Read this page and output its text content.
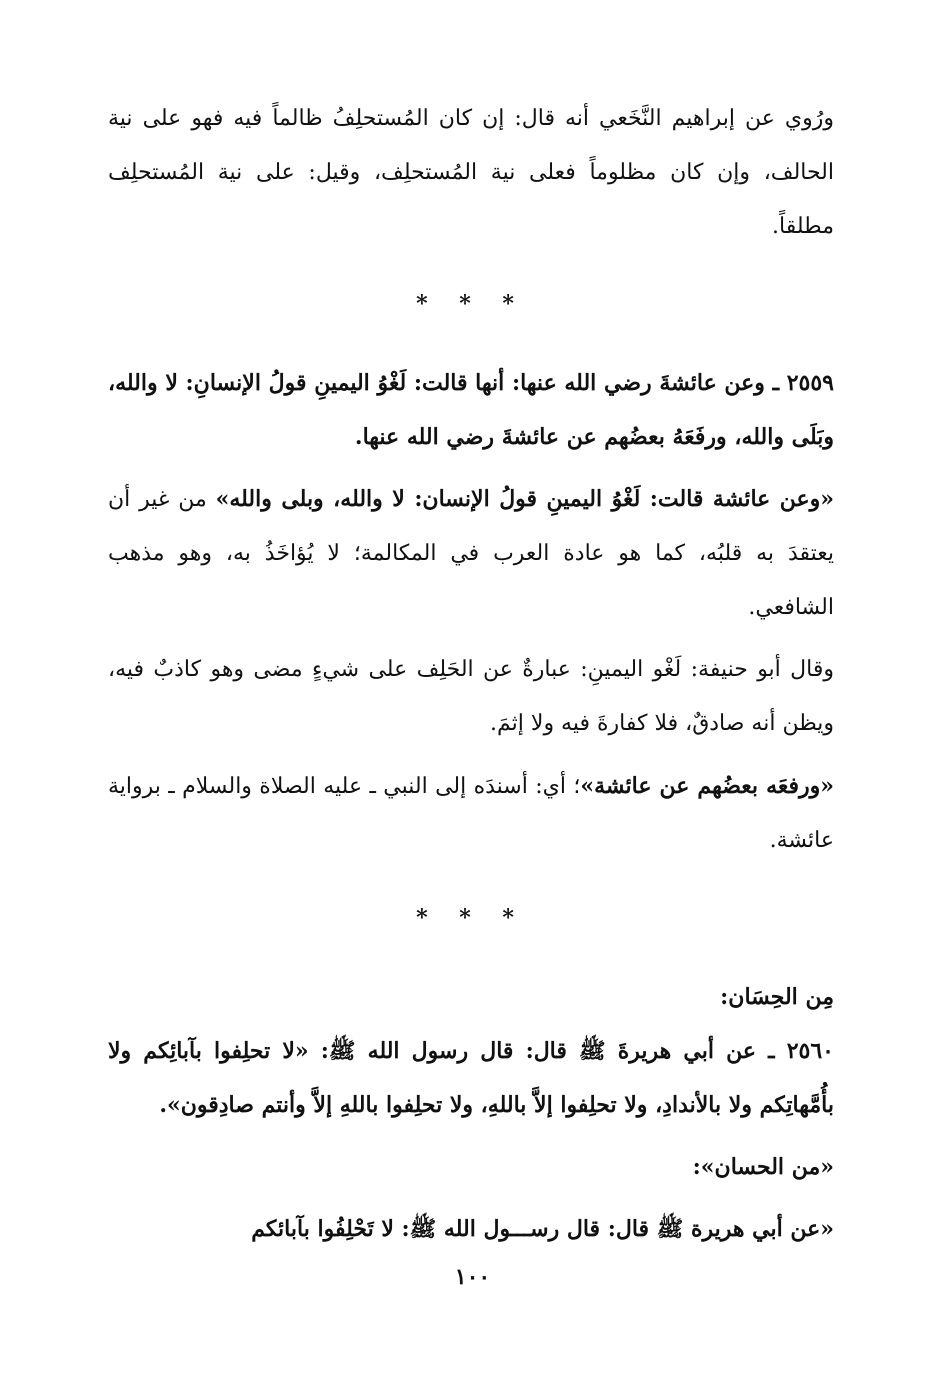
ورُوي عن إبراهيم النَّخَعي أنه قال: إن كان المُستحلِفُ ظالماً فيه فهو على نية الحالف، وإن كان مظلوماً فعلى نية المُستحلِف، وقيل: على نية المُستحلِف مطلقاً.

* * *

٢٥٥٩ ـ وعن عائشةَ رضي الله عنها: أنها قالت: لَغْوُ اليمينِ قولُ الإنسانِ: لا والله، وبَلَى والله، ورفَعَهُ بعضُهم عن عائشةَ رضي الله عنها.

«وعن عائشة قالت: لَغْوُ اليمينِ قولُ الإنسان: لا والله، وبلى والله» من غير أن يعتقدَ به قلبُه، كما هو عادة العرب في المكالمة؛ لا يُؤاخَذُ به، وهو مذهب الشافعي.

وقال أبو حنيفة: لَغْو اليمينِ: عبارةٌ عن الحَلِف على شيءٍ مضى وهو كاذبٌ فيه، ويظن أنه صادقٌ، فلا كفارةَ فيه ولا إثمَ.

«ورفعَه بعضُهم عن عائشة»؛ أي: أسندَه إلى النبي ـ عليه الصلاة والسلام ـ برواية عائشة.

* * *

مِن الحِسَان:

٢٥٦٠ ـ عن أبي هريرةَ ﷺ قال: قال رسول الله ﷺ: «لا تحلِفوا بآبائِكم ولا بأُمَّهاتِكم ولا بالأندادِ، ولا تحلِفوا إلاَّ باللهِ، ولا تحلِفوا باللهِ إلاَّ وأنتم صادِقون».

«من الحسان»:

«عن أبي هريرة ﷺ قال: قال رســـول الله ﷺ: لا تَحْلِفُوا بآبائكم

١٠٠
